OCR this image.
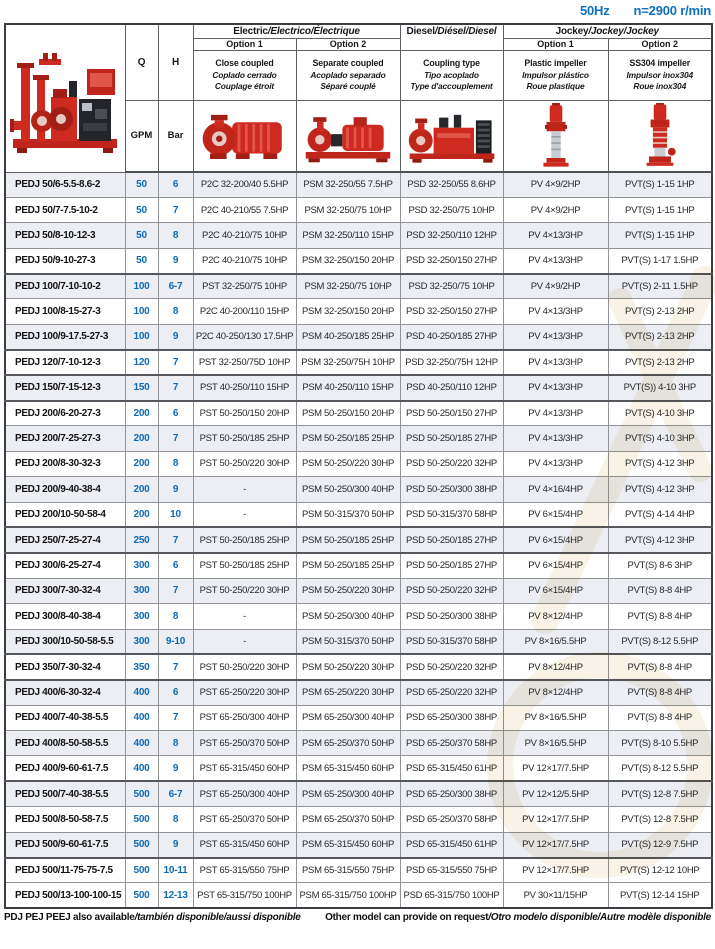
50Hz n=2900 r/min
	Q	H	Electric/Electrico/Électrique		Diesel/Diésel/Diesel	Jockey/Jockey/Jockey	
			Option 1	Option 2		Option 1	Option 2
			Close coupled
Coplado cerrado
Couplage étroit	Separate coupled
Acoplado separado
Séparé couplé	Coupling type
Tipo acoplado
Type d'accouplement	Plastic impeller
Impulsor plástico
Roue plastique	SS304 impeller
Impulsor inox304
Roue inox304

	GPM	Bar	

PEDJ 50/6-5.5-8.6-2	50	6	P2C 32-200/40 5.5HP	PSM 32-250/55 7.5HP	PSD 32-250/55 8.6HP	PV 4×9/2HP	PVT(S) 1-15 1HP
PEDJ 50/7-7.5-10-2	50	7	P2C 40-210/55 7.5HP	PSM 32-250/75 10HP	PSD 32-250/75 10HP	PV 4×9/2HP	PVT(S) 1-15 1HP
PEDJ 50/8-10-12-3	50	8	P2C 40-210/75 10HP	PSM 32-250/110 15HP	PSD 32-250/110 12HP	PV 4×13/3HP	PVT(S) 1-15 1HP
PEDJ 50/9-10-27-3	50	9	P2C 40-210/75 10HP	PSM 32-250/150 20HP	PSD 32-250/150 27HP	PV 4×13/3HP	PVT(S) 1-17 1.5HP
PEDJ 100/7-10-10-2	100	6-7	PST 32-250/75 10HP	PSM 32-250/75 10HP	PSD 32-250/75 10HP	PV 4×9/2HP	PVT(S) 2-11 1.5HP
PEDJ 100/8-15-27-3	100	8	P2C 40-200/110 15HP	PSM 32-250/150 20HP	PSD 32-250/150 27HP	PV 4×13/3HP	PVT(S) 2-13 2HP
PEDJ 100/9-17.5-27-3	100	9	P2C 40-250/130 17.5HP	PSM 40-250/185 25HP	PSD 40-250/185 27HP	PV 4×13/3HP	PVT(S) 2-13 2HP
PEDJ 120/7-10-12-3	120	7	PST 32-250/75D 10HP	PSM 32-250/75H 10HP	PSD 32-250/75H 12HP	PV 4×13/3HP	PVT(S) 2-13 2HP
PEDJ 150/7-15-12-3	150	7	PST 40-250/110 15HP	PSM 40-250/110 15HP	PSD 40-250/110 12HP	PV 4×13/3HP	PVT(S)) 4-10 3HP
PEDJ 200/6-20-27-3	200	6	PST 50-250/150 20HP	PSM 50-250/150 20HP	PSD 50-250/150 27HP	PV 4×13/3HP	PVT(S) 4-10 3HP
PEDJ 200/7-25-27-3	200	7	PST 50-250/185 25HP	PSM 50-250/185 25HP	PSD 50-250/185 27HP	PV 4×13/3HP	PVT(S) 4-10 3HP
PEDJ 200/8-30-32-3	200	8	PST 50-250/220 30HP	PSM 50-250/220 30HP	PSD 50-250/220 32HP	PV 4×13/3HP	PVT(S) 4-12 3HP
PEDJ 200/9-40-38-4	200	9	-	PSM 50-250/300 40HP	PSD 50-250/300 38HP	PV 4×16/4HP	PVT(S) 4-12 3HP
PEDJ 200/10-50-58-4	200	10	-	PSM 50-315/370 50HP	PSD 50-315/370 58HP	PV 6×15/4HP	PVT(S) 4-14 4HP
PEDJ 250/7-25-27-4	250	7	PST 50-250/185 25HP	PSM 50-250/185 25HP	PSD 50-250/185 27HP	PV 6×15/4HP	PVT(S) 4-12 3HP
PEDJ 300/6-25-27-4	300	6	PST 50-250/185 25HP	PSM 50-250/185 25HP	PSD 50-250/185 27HP	PV 6×15/4HP	PVT(S) 8-6 3HP
PEDJ 300/7-30-32-4	300	7	PST 50-250/220 30HP	PSM 50-250/220 30HP	PSD 50-250/220 32HP	PV 6×15/4HP	PVT(S) 8-8 4HP
PEDJ 300/8-40-38-4	300	8	-	PSM 50-250/300 40HP	PSD 50-250/300 38HP	PV 8×12/4HP	PVT(S) 8-8 4HP
PEDJ 300/10-50-58-5.5	300	9-10	-	PSM 50-315/370 50HP	PSD 50-315/370 58HP	PV 8×16/5.5HP	PVT(S) 8-12 5.5HP
PEDJ 350/7-30-32-4	350	7	PST 50-250/220 30HP	PSM 50-250/220 30HP	PSD 50-250/220 32HP	PV 8×12/4HP	PVT(S) 8-8 4HP
PEDJ 400/6-30-32-4	400	6	PST 65-250/220 30HP	PSM 65-250/220 30HP	PSD 65-250/220 32HP	PV 8×12/4HP	PVT(S) 8-8 4HP
PEDJ 400/7-40-38-5.5	400	7	PST 65-250/300 40HP	PSM 65-250/300 40HP	PSD 65-250/300 38HP	PV 8×16/5.5HP	PVT(S) 8-8 4HP
PEDJ 400/8-50-58-5.5	400	8	PST 65-250/370 50HP	PSM 65-250/370 50HP	PSD 65-250/370 58HP	PV 8×16/5.5HP	PVT(S) 8-10 5.5HP
PEDJ 400/9-60-61-7.5	400	9	PST 65-315/450 60HP	PSM 65-315/450 60HP	PSD 65-315/450 61HP	PV 12×17/7.5HP	PVT(S) 8-12 5.5HP
PEDJ 500/7-40-38-5.5	500	6-7	PST 65-250/300 40HP	PSM 65-250/300 40HP	PSD 65-250/300 38HP	PV 12×12/5.5HP	PVT(S) 12-8 7.5HP
PEDJ 500/8-50-58-7.5	500	8	PST 65-250/370 50HP	PSM 65-250/370 50HP	PSD 65-250/370 58HP	PV 12×17/7.5HP	PVT(S) 12-8 7.5HP
PEDJ 500/9-60-61-7.5	500	9	PST 65-315/450 60HP	PSM 65-315/450 60HP	PSD 65-315/450 61HP	PV 12×17/7.5HP	PVT(S) 12-9 7.5HP
PEDJ 500/11-75-75-7.5	500	10-11	PST 65-315/550 75HP	PSM 65-315/550 75HP	PSD 65-315/550 75HP	PV 12×17/7.5HP	PVT(S) 12-12 10HP
PEDJ 500/13-100-100-15	500	12-13	PST 65-315/750 100HP	PSM 65-315/750 100HP	PSD 65-315/750 100HP	PV 30×11/15HP	PVT(S) 12-14 15HP
PDJ PEJ PEEJ also available/también disponible/aussi disponible Other model can provide on request/Otro modelo disponible/Autre modèle disponible
